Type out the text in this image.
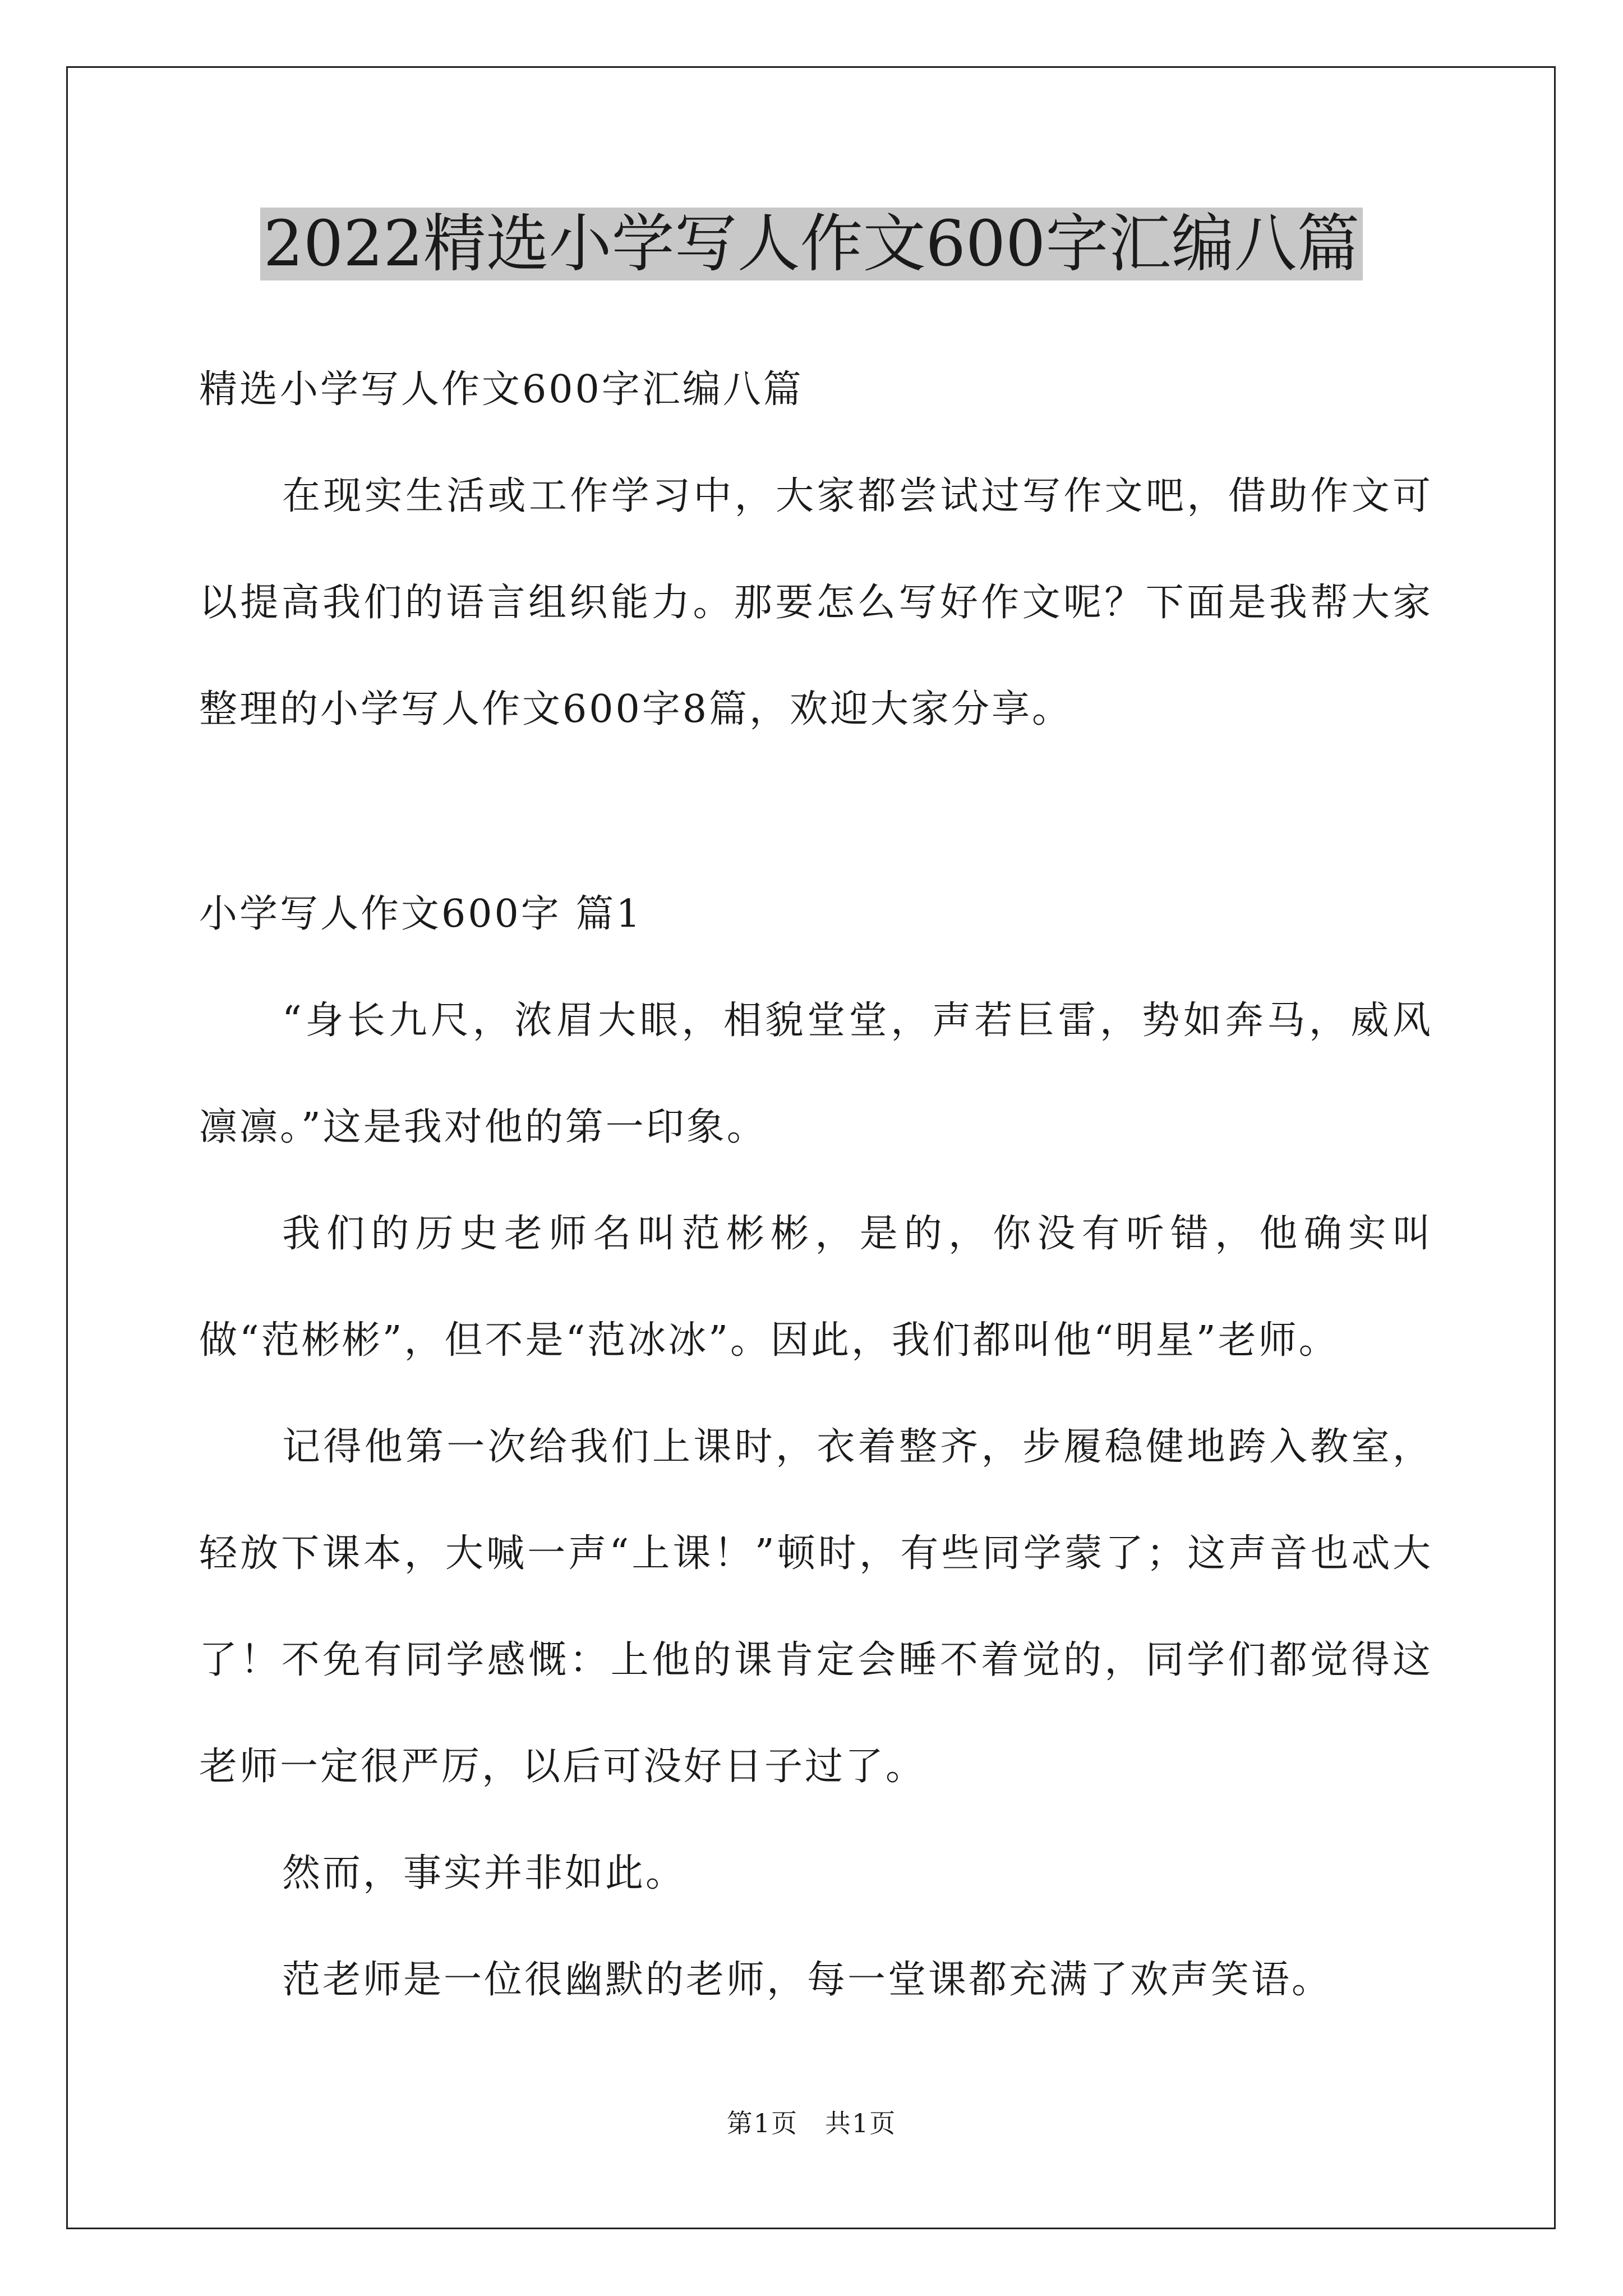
2022精选小学写人作文600字汇编八篇

精选小学写人作文600字汇编八篇

在现实生活或工作学习中，大家都尝试过写作文吧，借助作文可以提高我们的语言组织能力。那要怎么写好作文呢？下面是我帮大家整理的小学写人作文600字8篇，欢迎大家分享。

小学写人作文600字 篇1

“身长九尺，浓眉大眼，相貌堂堂，声若巨雷，势如奔马，威风凛凛。”这是我对他的第一印象。

我们的历史老师名叫范彬彬，是的，你没有听错，他确实叫做“范彬彬”，但不是“范冰冰”。因此，我们都叫他“明星”老师。

记得他第一次给我们上课时，衣着整齐，步履稳健地跨入教室，轻放下课本，大喊一声“上课！”顿时，有些同学蒙了；这声音也忒大了！不免有同学感慨：上他的课肯定会睡不着觉的，同学们都觉得这老师一定很严厉，以后可没好日子过了。

然而，事实并非如此。

范老师是一位很幽默的老师，每一堂课都充满了欢声笑语。

第1页　共1页
